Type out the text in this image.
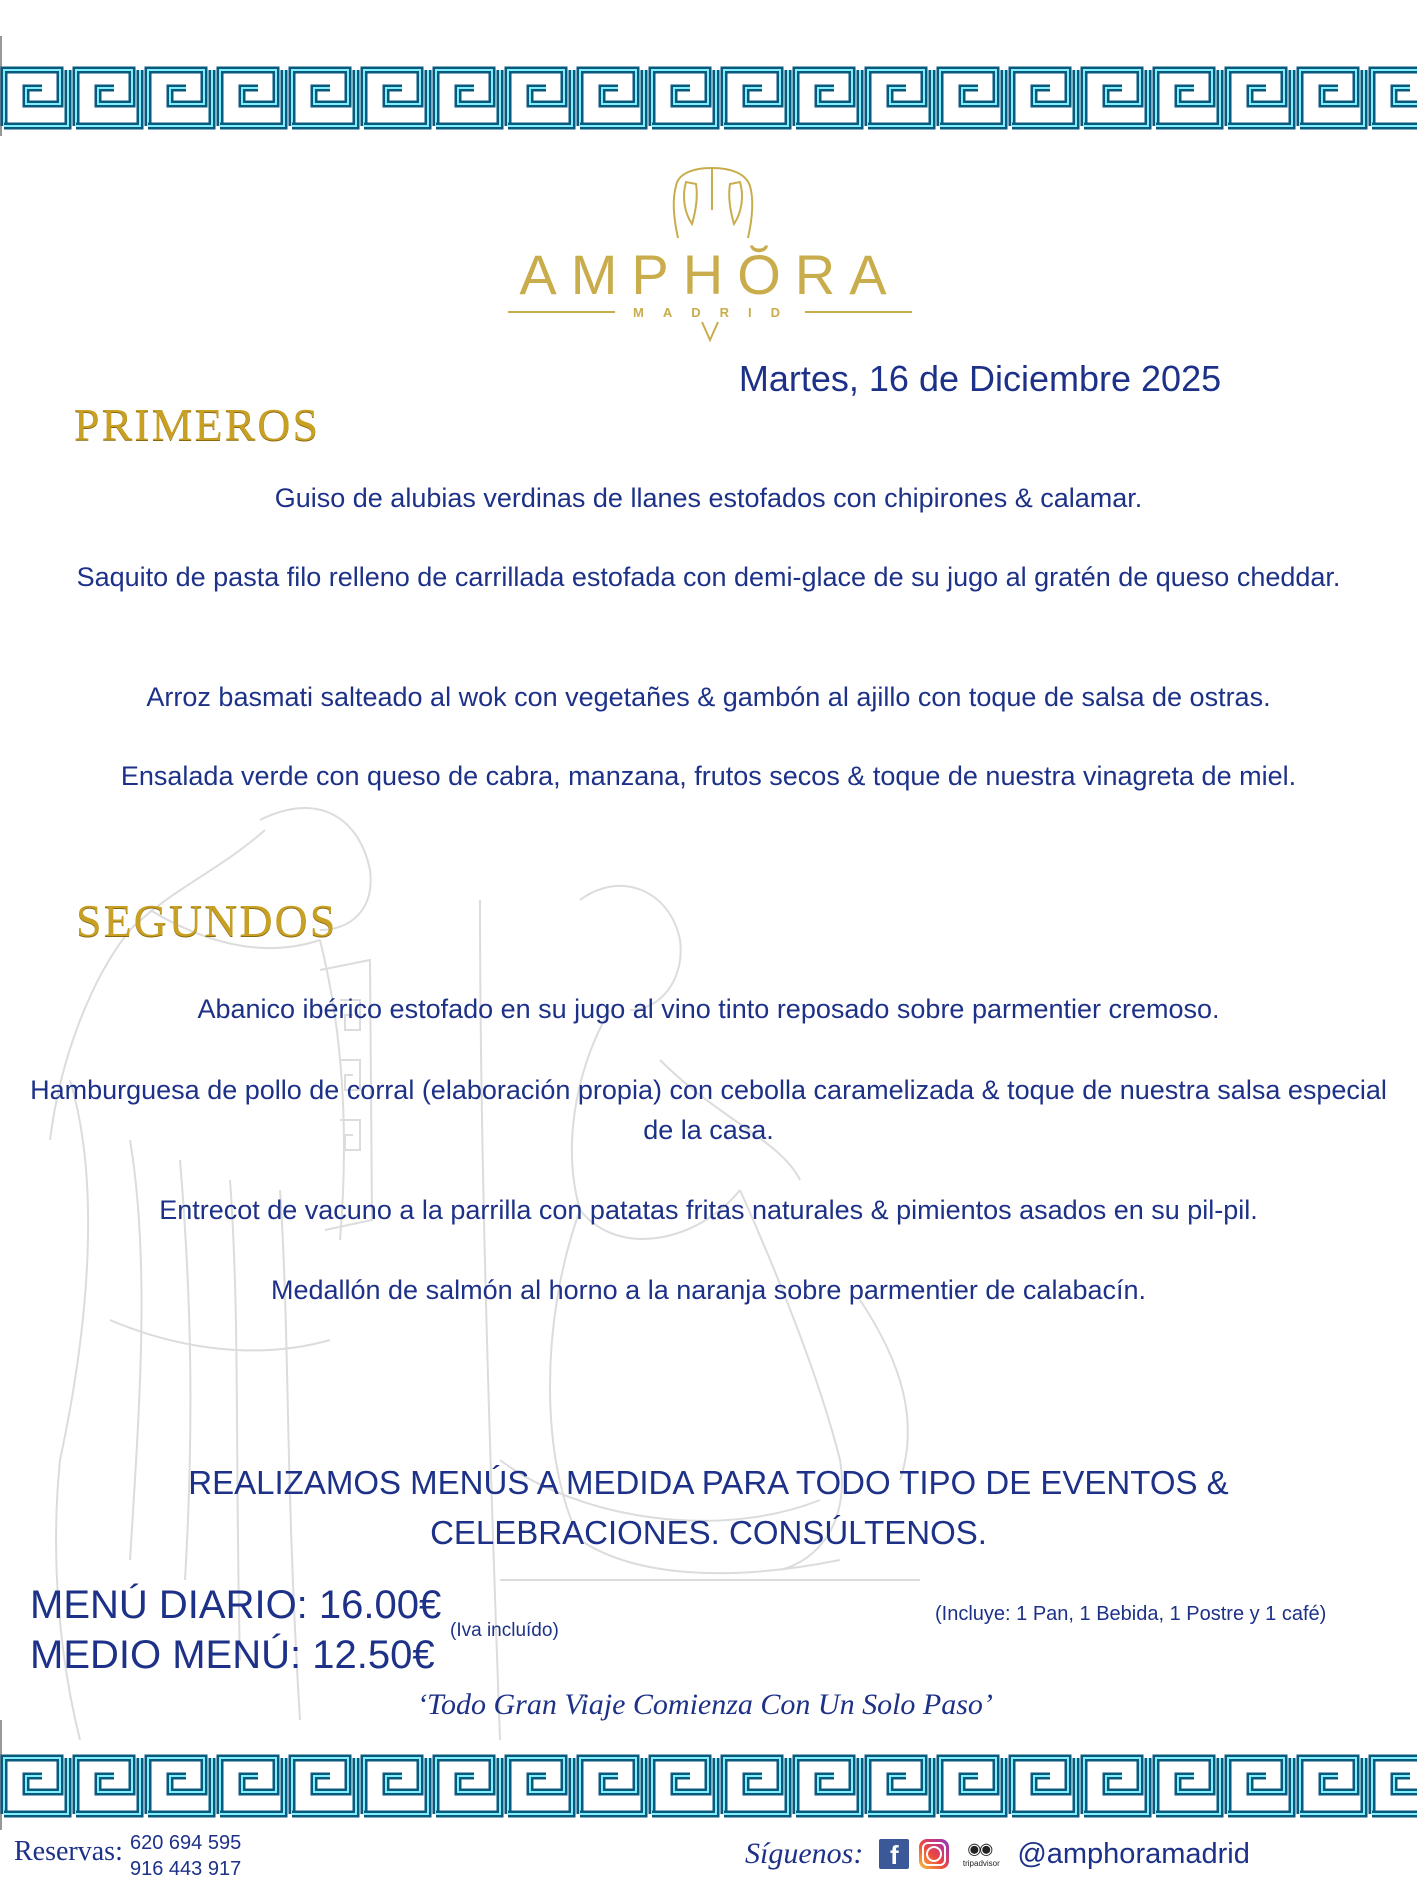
AMPHŎRA
MADRID
Martes, 16 de Diciembre 2025
PRIMEROS
Guiso de alubias verdinas de llanes estofados con chipirones & calamar.
Saquito de pasta filo relleno de carrillada estofada con demi-glace de su jugo al gratén de queso cheddar.
Arroz basmati salteado al wok con vegetañes & gambón al ajillo con toque de salsa de ostras.
Ensalada verde con queso de cabra, manzana, frutos secos & toque de nuestra vinagreta de miel.
SEGUNDOS
Abanico ibérico estofado en su jugo al vino tinto reposado sobre parmentier cremoso.
Hamburguesa de pollo de corral (elaboración propia) con cebolla caramelizada & toque de nuestra salsa especial de la casa.
Entrecot de vacuno a la parrilla con patatas fritas naturales & pimientos asados en su pil-pil.
Medallón de salmón al horno a la naranja sobre parmentier de calabacín.
REALIZAMOS MENÚS A MEDIDA PARA TODO TIPO DE EVENTOS & CELEBRACIONES. CONSÚLTENOS.
MENÚ DIARIO: 16.00€
MEDIO MENÚ: 12.50€
(Iva incluído)
(Incluye: 1 Pan, 1 Bebida, 1 Postre y 1 café)
‘Todo Gran Viaje Comienza Con Un Solo Paso’
Reservas: 620 694 595
916 443 917	Síguenos:	f	◉◉
tripadvisor @amphoramadrid
